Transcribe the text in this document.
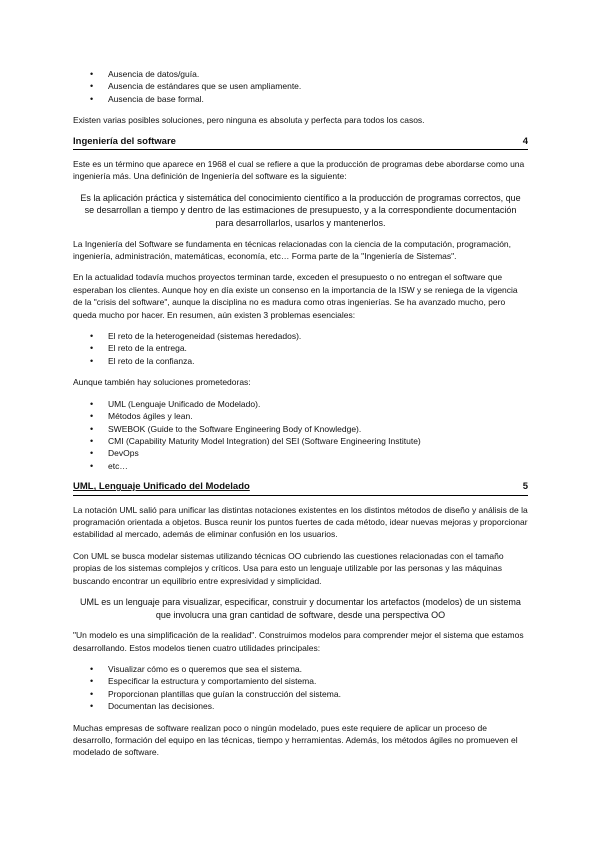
• Ausencia de datos/guía.
• Ausencia de estándares que se usen ampliamente.
• Ausencia de base formal.

Existen varias posibles soluciones, pero ninguna es absoluta y perfecta para todos los casos.

Ingeniería del software	4

Este es un término que aparece en 1968 el cual se refiere a que la producción de programas debe abordarse como una ingeniería más. Una definición de Ingeniería del software es la siguiente:

Es la aplicación práctica y sistemática del conocimiento científico a la producción de programas correctos, que se desarrollan a tiempo y dentro de las estimaciones de presupuesto, y a la correspondiente documentación para desarrollarlos, usarlos y mantenerlos.

La Ingeniería del Software se fundamenta en técnicas relacionadas con la ciencia de la computación, programación, ingeniería, administración, matemáticas, economía, etc… Forma parte de la "Ingeniería de Sistemas".

En la actualidad todavía muchos proyectos terminan tarde, exceden el presupuesto o no entregan el software que esperaban los clientes. Aunque hoy en día existe un consenso en la importancia de la ISW y se reniega de la vigencia de la "crisis del software", aunque la disciplina no es madura como otras ingenierías. Se ha avanzado mucho, pero queda mucho por hacer. En resumen, aún existen 3 problemas esenciales:

• El reto de la heterogeneidad (sistemas heredados).
• El reto de la entrega.
• El reto de la confianza.

Aunque también hay soluciones prometedoras:

• UML (Lenguaje Unificado de Modelado).
• Métodos ágiles y lean.
• SWEBOK (Guide to the Software Engineering Body of Knowledge).
• CMI (Capability Maturity Model Integration) del SEI (Software Engineering Institute)
• DevOps
• etc…
UML, Lenguaje Unificado del Modelado	5

La notación UML salió para unificar las distintas notaciones existentes en los distintos métodos de diseño y análisis de la programación orientada a objetos. Busca reunir los puntos fuertes de cada método, idear nuevas mejoras y proporcionar estabilidad al mercado, además de eliminar confusión en los usuarios.

Con UML se busca modelar sistemas utilizando técnicas OO cubriendo las cuestiones relacionadas con el tamaño propias de los sistemas complejos y críticos. Usa para esto un lenguaje utilizable por las personas y las máquinas buscando encontrar un equilibrio entre expresividad y simplicidad.

UML es un lenguaje para visualizar, especificar, construir y documentar los artefactos (modelos) de un sistema que involucra una gran cantidad de software, desde una perspectiva OO

"Un modelo es una simplificación de la realidad". Construimos modelos para comprender mejor el sistema que estamos desarrollando. Estos modelos tienen cuatro utilidades principales:

• Visualizar cómo es o queremos que sea el sistema.
• Especificar la estructura y comportamiento del sistema.
• Proporcionan plantillas que guían la construcción del sistema.
• Documentan las decisiones.

Muchas empresas de software realizan poco o ningún modelado, pues este requiere de aplicar un proceso de desarrollo, formación del equipo en las técnicas, tiempo y herramientas. Además, los métodos ágiles no promueven el modelado de software.
